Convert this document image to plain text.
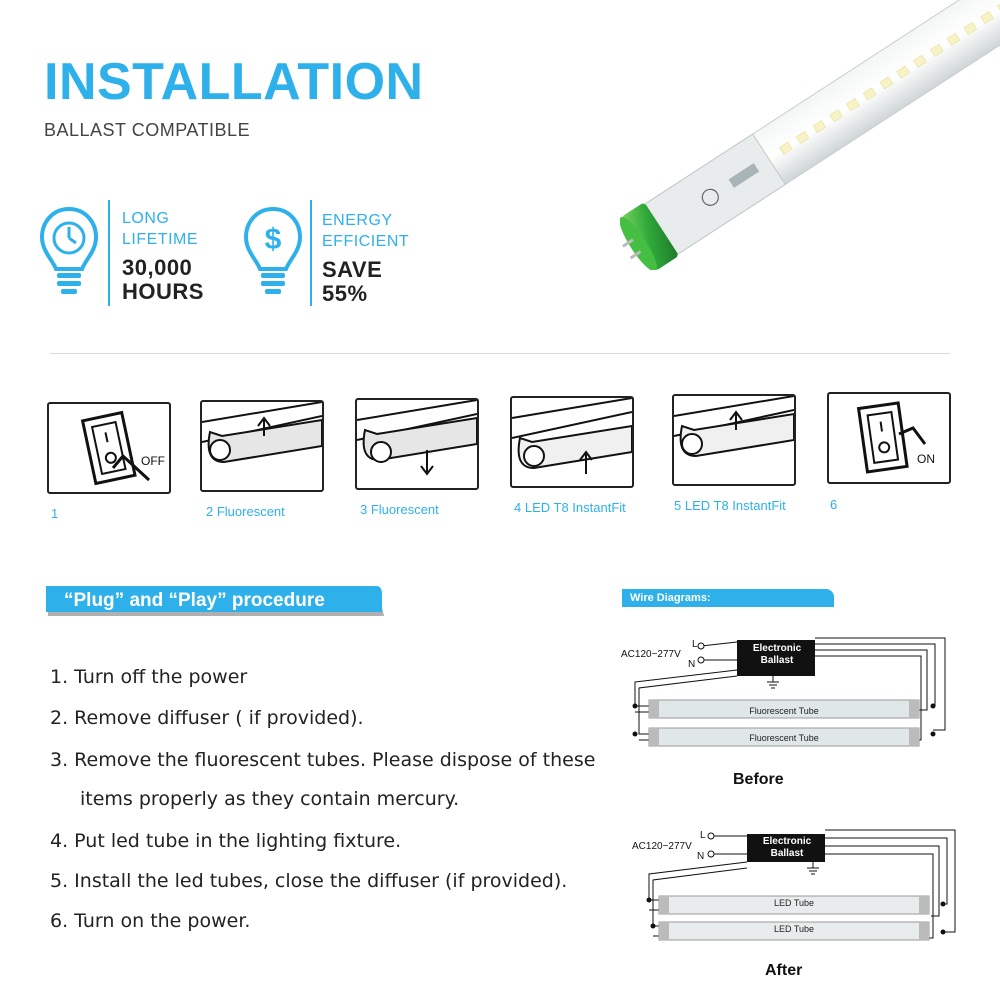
INSTALLATION
BALLAST COMPATIBLE
LONG
LIFETIME
30,000
HOURS
$
ENERGY
EFFICIENT
SAVE
55%
OFF
1	2 Fluorescent	3 Fluorescent	4 LED T8 InstantFit	5 LED T8 InstantFit
ON
6
“Plug” and “Play” procedure
1. Turn off the power
2. Remove diffuser ( if provided).
3. Remove the fluorescent tubes. Please dispose of these
items properly as they contain mercury.
4. Put led tube in the lighting fixture.
5. Install the led tubes, close the diffuser (if provided).
6. Turn on the power.
Wire Diagrams:
AC120~277V
L
N
Electronic
Ballast
Fluorescent Tube
Fluorescent Tube
Before
AC120~277V
L
N
Electronic
Ballast
LED Tube
LED Tube
After
